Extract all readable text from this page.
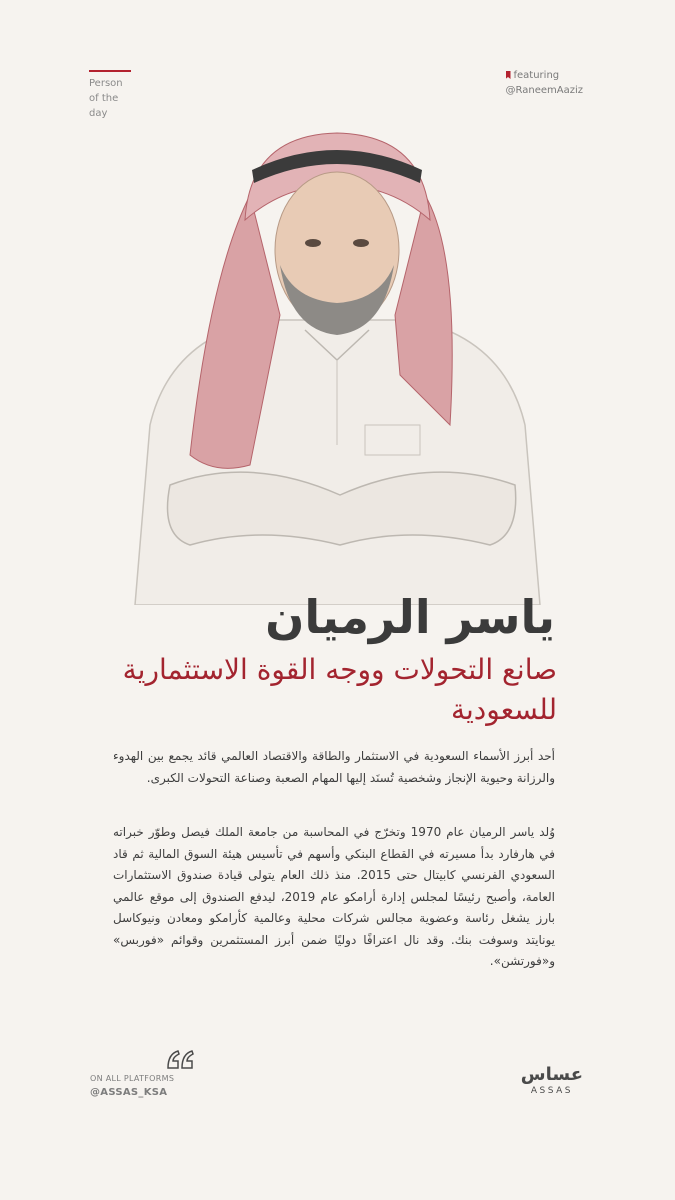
Person of the day
featuring
@RaneemAaziz
ياسر الرميان
صانع التحولات ووجه القوة الاستثمارية للسعودية
أحد أبرز الأسماء السعودية في الاستثمار والطاقة والاقتصاد العالمي قائد يجمع بين الهدوء والرزانة وحيوية الإنجاز وشخصية تُسنَد إليها المهام الصعبة وصناعة التحولات الكبرى.
وُلد ياسر الرميان عام 1970 وتخرّج في المحاسبة من جامعة الملك فيصل وطوّر خبراته في هارفارد بدأ مسيرته في القطاع البنكي وأسهم في تأسيس هيئة السوق المالية ثم قاد السعودي الفرنسي كابيتال حتى 2015. منذ ذلك العام يتولى قيادة صندوق الاستثمارات العامة، وأصبح رئيسًا لمجلس إدارة أرامكو عام 2019، ليدفع الصندوق إلى موقع عالمي بارز يشغل رئاسة وعضوية مجالس شركات محلية وعالمية كأرامكو ومعادن ونيوكاسل يونايتد وسوفت بنك. وقد نال اعترافًا دوليًا ضمن أبرز المستثمرين وقوائم «فوربس» و«فورتشن».
ON ALL PLATFORMS
@ASSAS_KSA
عساس
ASSAS
